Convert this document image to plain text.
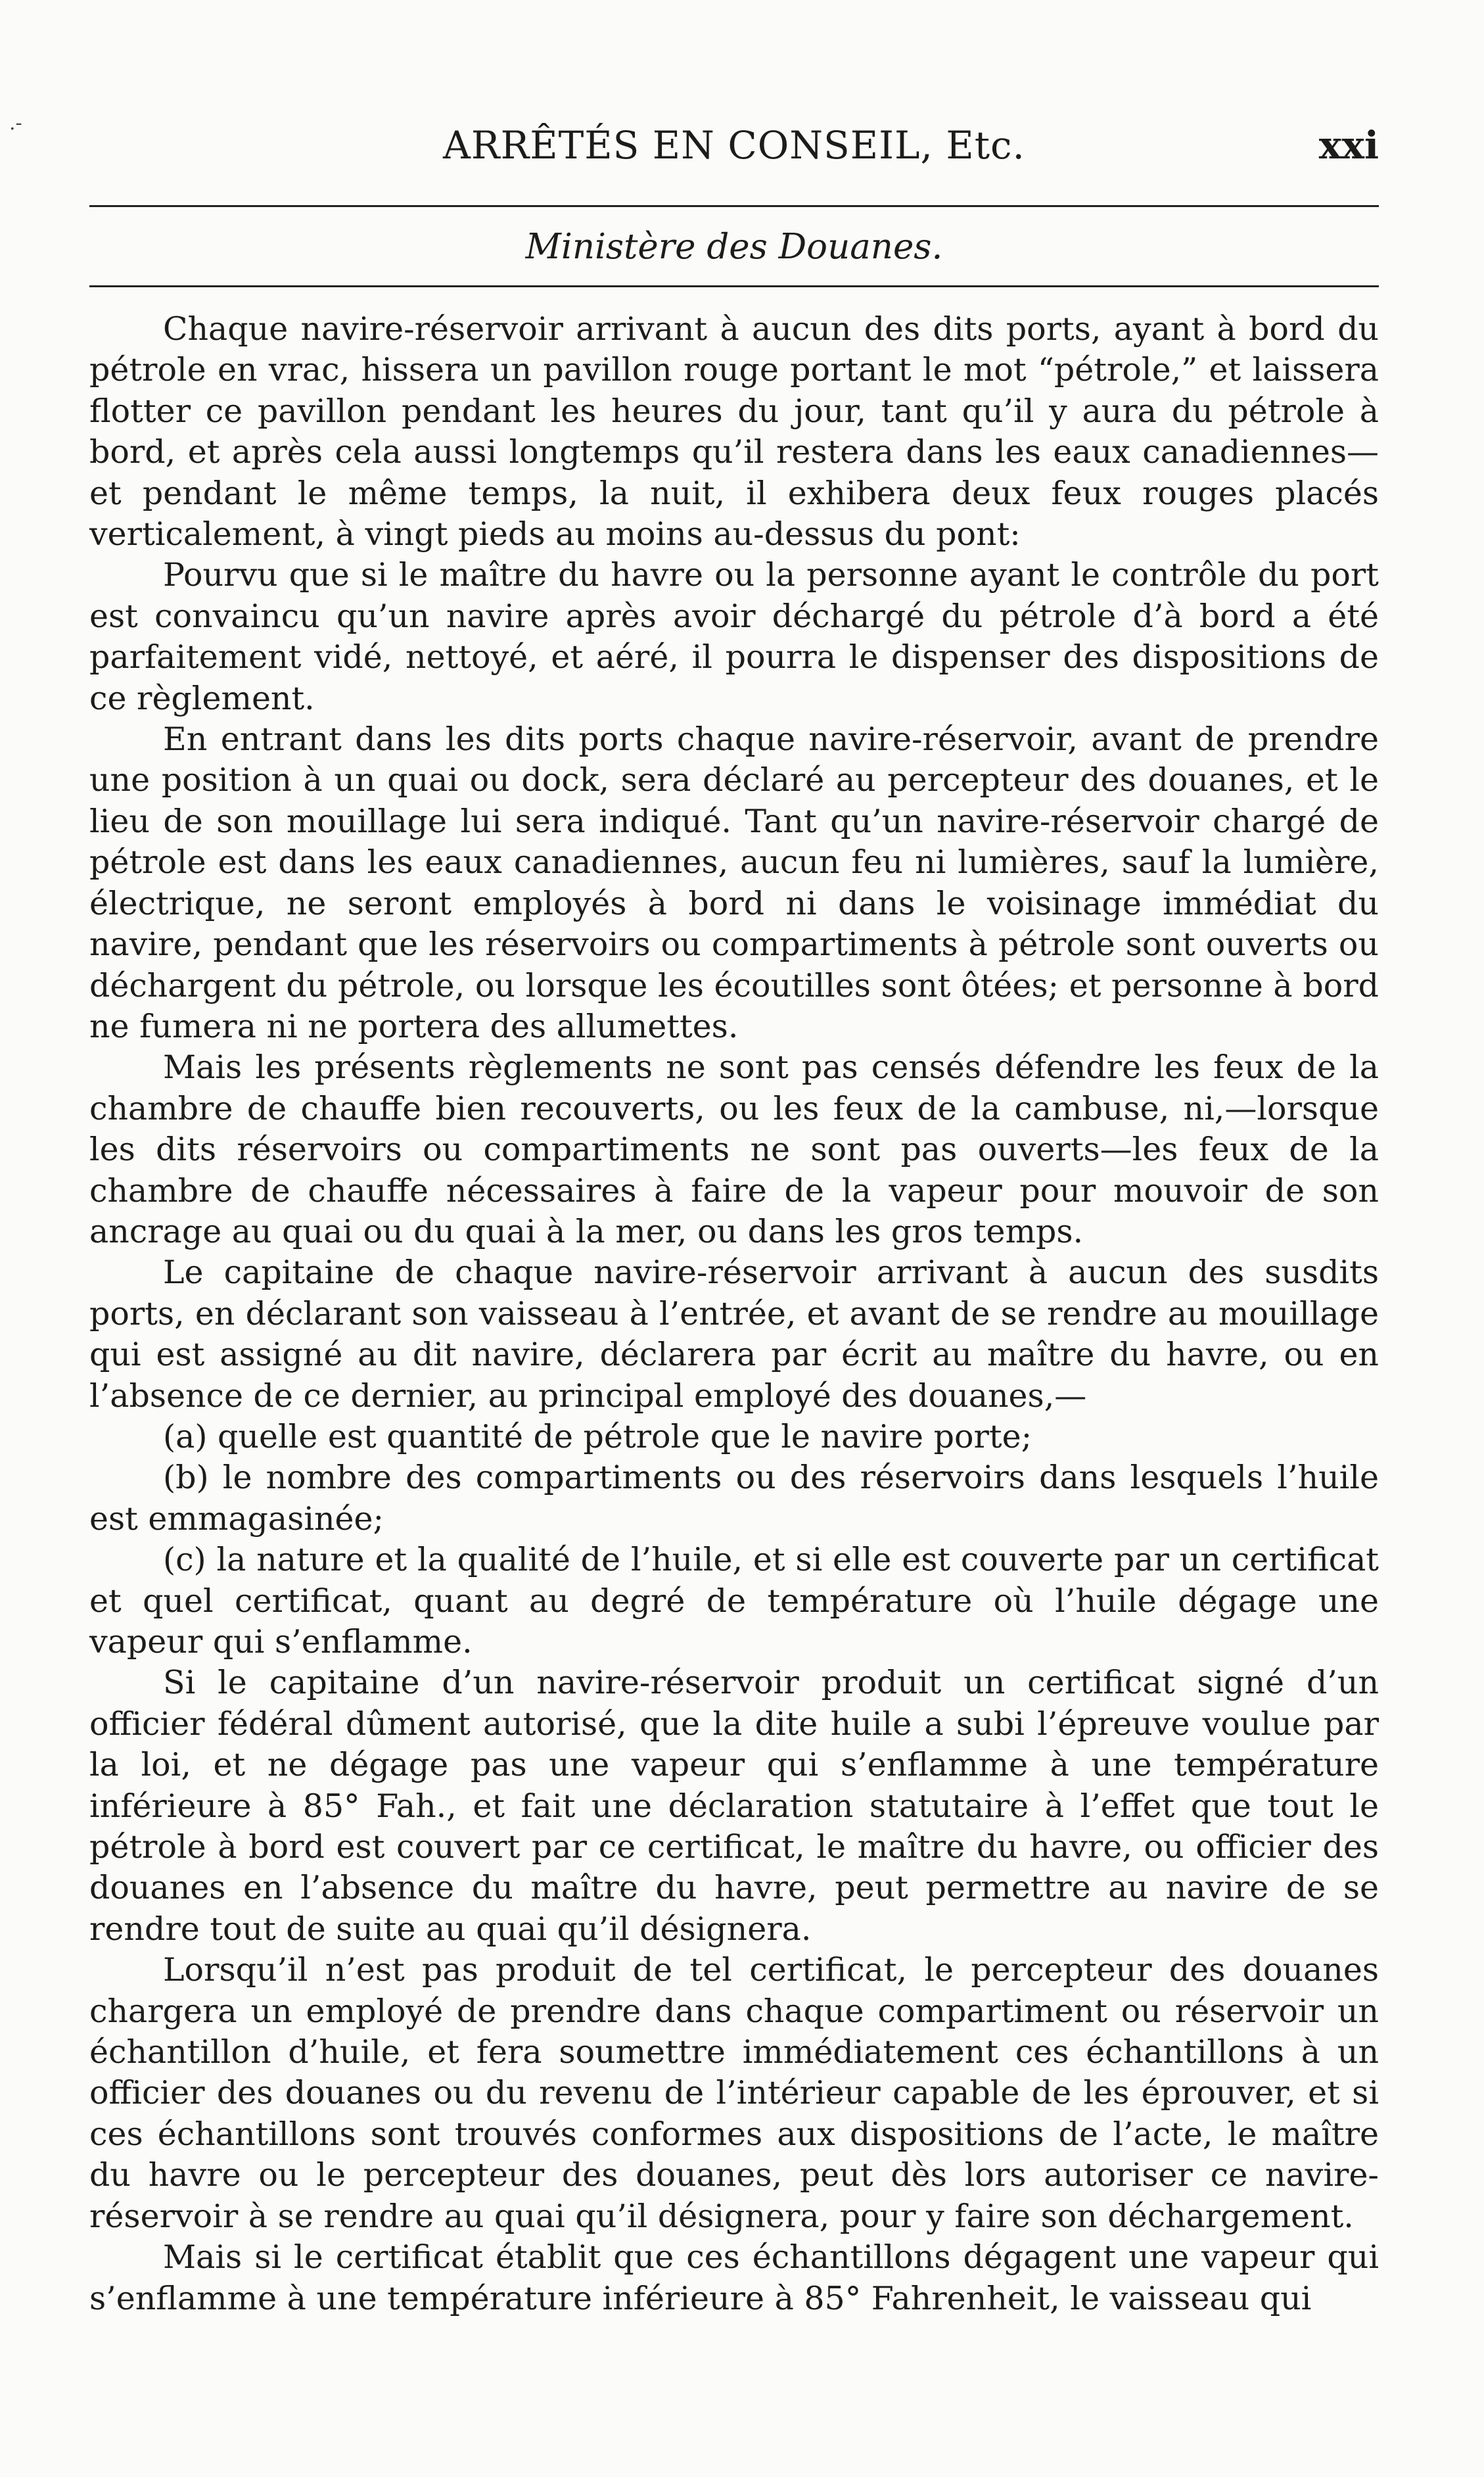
.-	ARRÊTÉS EN CONSEIL, Etc.	xxi
Ministère des Douanes.

Chaque navire-réservoir arrivant à aucun des dits ports, ayant à bord du pétrole en vrac, hissera un pavillon rouge portant le mot “pétrole,” et laissera flotter ce pavillon pendant les heures du jour, tant qu’il y aura du pétrole à bord, et après cela aussi longtemps qu’il restera dans les eaux canadiennes—et pendant le même temps, la nuit, il exhibera deux feux rouges placés verticalement, à vingt pieds au moins au-dessus du pont:

Pourvu que si le maître du havre ou la personne ayant le contrôle du port est convaincu qu’un navire après avoir déchargé du pétrole d’à bord a été parfaitement vidé, nettoyé, et aéré, il pourra le dispenser des dispositions de ce règlement.

En entrant dans les dits ports chaque navire-réservoir, avant de prendre une position à un quai ou dock, sera déclaré au percepteur des douanes, et le lieu de son mouillage lui sera indiqué. Tant qu’un navire-réservoir chargé de pétrole est dans les eaux canadiennes, aucun feu ni lumières, sauf la lumière, électrique, ne seront employés à bord ni dans le voisinage immédiat du navire, pendant que les réservoirs ou compartiments à pétrole sont ouverts ou déchargent du pétrole, ou lorsque les écoutilles sont ôtées; et personne à bord ne fumera ni ne portera des allumettes.

Mais les présents règlements ne sont pas censés défendre les feux de la chambre de chauffe bien recouverts, ou les feux de la cambuse, ni,—lorsque les dits réservoirs ou compartiments ne sont pas ouverts—les feux de la chambre de chauffe nécessaires à faire de la vapeur pour mouvoir de son ancrage au quai ou du quai à la mer, ou dans les gros temps.

Le capitaine de chaque navire-réservoir arrivant à aucun des susdits ports, en déclarant son vaisseau à l’entrée, et avant de se rendre au mouillage qui est assigné au dit navire, déclarera par écrit au maître du havre, ou en l’absence de ce dernier, au principal employé des douanes,—

(a) quelle est quantité de pétrole que le navire porte;

(b) le nombre des compartiments ou des réservoirs dans lesquels l’huile est emmagasinée;

(c) la nature et la qualité de l’huile, et si elle est couverte par un certificat et quel certificat, quant au degré de température où l’huile dégage une vapeur qui s’enflamme.

Si le capitaine d’un navire-réservoir produit un certificat signé d’un officier fédéral dûment autorisé, que la dite huile a subi l’épreuve voulue par la loi, et ne dégage pas une vapeur qui s’enflamme à une température inférieure à 85° Fah., et fait une déclaration statutaire à l’effet que tout le pétrole à bord est couvert par ce certificat, le maître du havre, ou officier des douanes en l’absence du maître du havre, peut permettre au navire de se rendre tout de suite au quai qu’il désignera.

Lorsqu’il n’est pas produit de tel certificat, le percepteur des douanes chargera un employé de prendre dans chaque compartiment ou réservoir un échantillon d’huile, et fera soumettre immédiatement ces échantillons à un officier des douanes ou du revenu de l’intérieur capable de les éprouver, et si ces échantillons sont trouvés conformes aux dispositions de l’acte, le maître du havre ou le percepteur des douanes, peut dès lors autoriser ce navire-réservoir à se rendre au quai qu’il désignera, pour y faire son déchargement.

Mais si le certificat établit que ces échantillons dégagent une vapeur qui s’enflamme à une température inférieure à 85° Fahrenheit, le vaisseau qui
